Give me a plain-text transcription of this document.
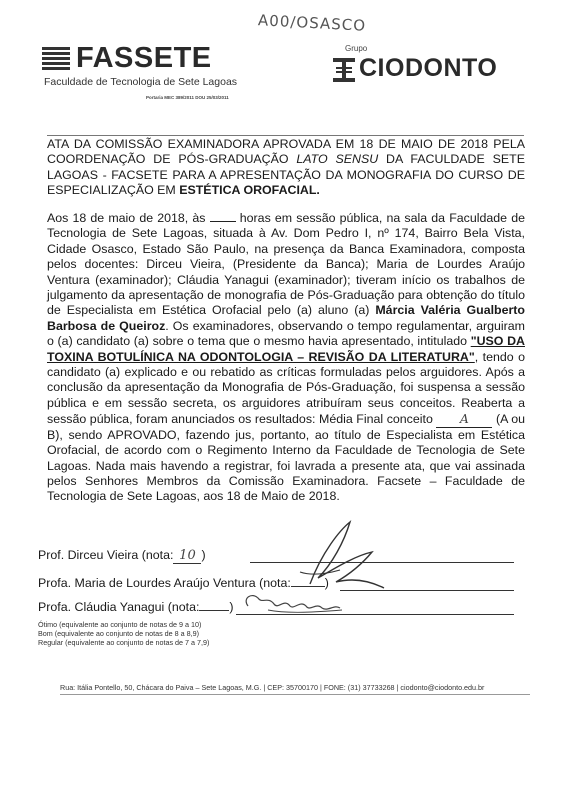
A00/OSASCO
FASSETE
Faculdade de Tecnologia de Sete Lagoas
Portaria MEC 389/2011 DOU 25/03/2011
Grupo
CIODONTO
ATA DA COMISSÃO EXAMINADORA APROVADA EM 18 DE MAIO DE 2018 PELA COORDENAÇÃO DE PÓS-GRADUAÇÃO LATO SENSU DA FACULDADE SETE LAGOAS - FACSETE PARA A APRESENTAÇÃO DA MONOGRAFIA DO CURSO DE ESPECIALIZAÇÃO EM ESTÉTICA OROFACIAL.
Aos 18 de maio de 2018, às  horas em sessão pública, na sala da Faculdade de Tecnologia de Sete Lagoas, situada à Av. Dom Pedro I, nº 174, Bairro Bela Vista, Cidade Osasco, Estado São Paulo, na presença da Banca Examinadora, composta pelos docentes: Dirceu Vieira, (Presidente da Banca); Maria de Lourdes Araújo Ventura (examinador); Cláudia Yanagui (examinador); tiveram início os trabalhos de julgamento da apresentação de monografia de Pós-Graduação para obtenção do título de Especialista em Estética Orofacial pelo (a) aluno (a) Márcia Valéria Gualberto Barbosa de Queiroz. Os examinadores, observando o tempo regulamentar, arguiram o (a) candidato (a) sobre o tema que o mesmo havia apresentado, intitulado "USO DA TOXINA BOTULÍNICA NA ODONTOLOGIA – REVISÃO DA LITERATURA", tendo o candidato (a) explicado e ou rebatido as críticas formuladas pelos arguidores. Após a conclusão da apresentação da Monografia de Pós-Graduação, foi suspensa a sessão pública e em sessão secreta, os arguidores atribuíram seus conceitos. Reaberta a sessão pública, foram anunciados os resultados: Média Final conceito A (A ou B), sendo APROVADO, fazendo jus, portanto, ao título de Especialista em Estética Orofacial, de acordo com o Regimento Interno da Faculdade de Tecnologia de Sete Lagoas. Nada mais havendo a registrar, foi lavrada a presente ata, que vai assinada pelos Senhores Membros da Comissão Examinadora. Facsete – Faculdade de Tecnologia de Sete Lagoas, aos 18 de Maio de 2018.
Prof. Dirceu Vieira (nota: 10 )
Profa. Maria de Lourdes Araújo Ventura (nota:	)
Profa. Cláudia Yanagui (nota: )
Ótimo (equivalente ao conjunto de notas de 9 a 10)
Bom (equivalente ao conjunto de notas de 8 a 8,9)
Regular (equivalente ao conjunto de notas de 7 a 7,9)
Rua: Itália Pontello, 50, Chácara do Paiva – Sete Lagoas, M.G. | CEP: 35700170 | FONE: (31) 37733268 | ciodonto@ciodonto.edu.br
